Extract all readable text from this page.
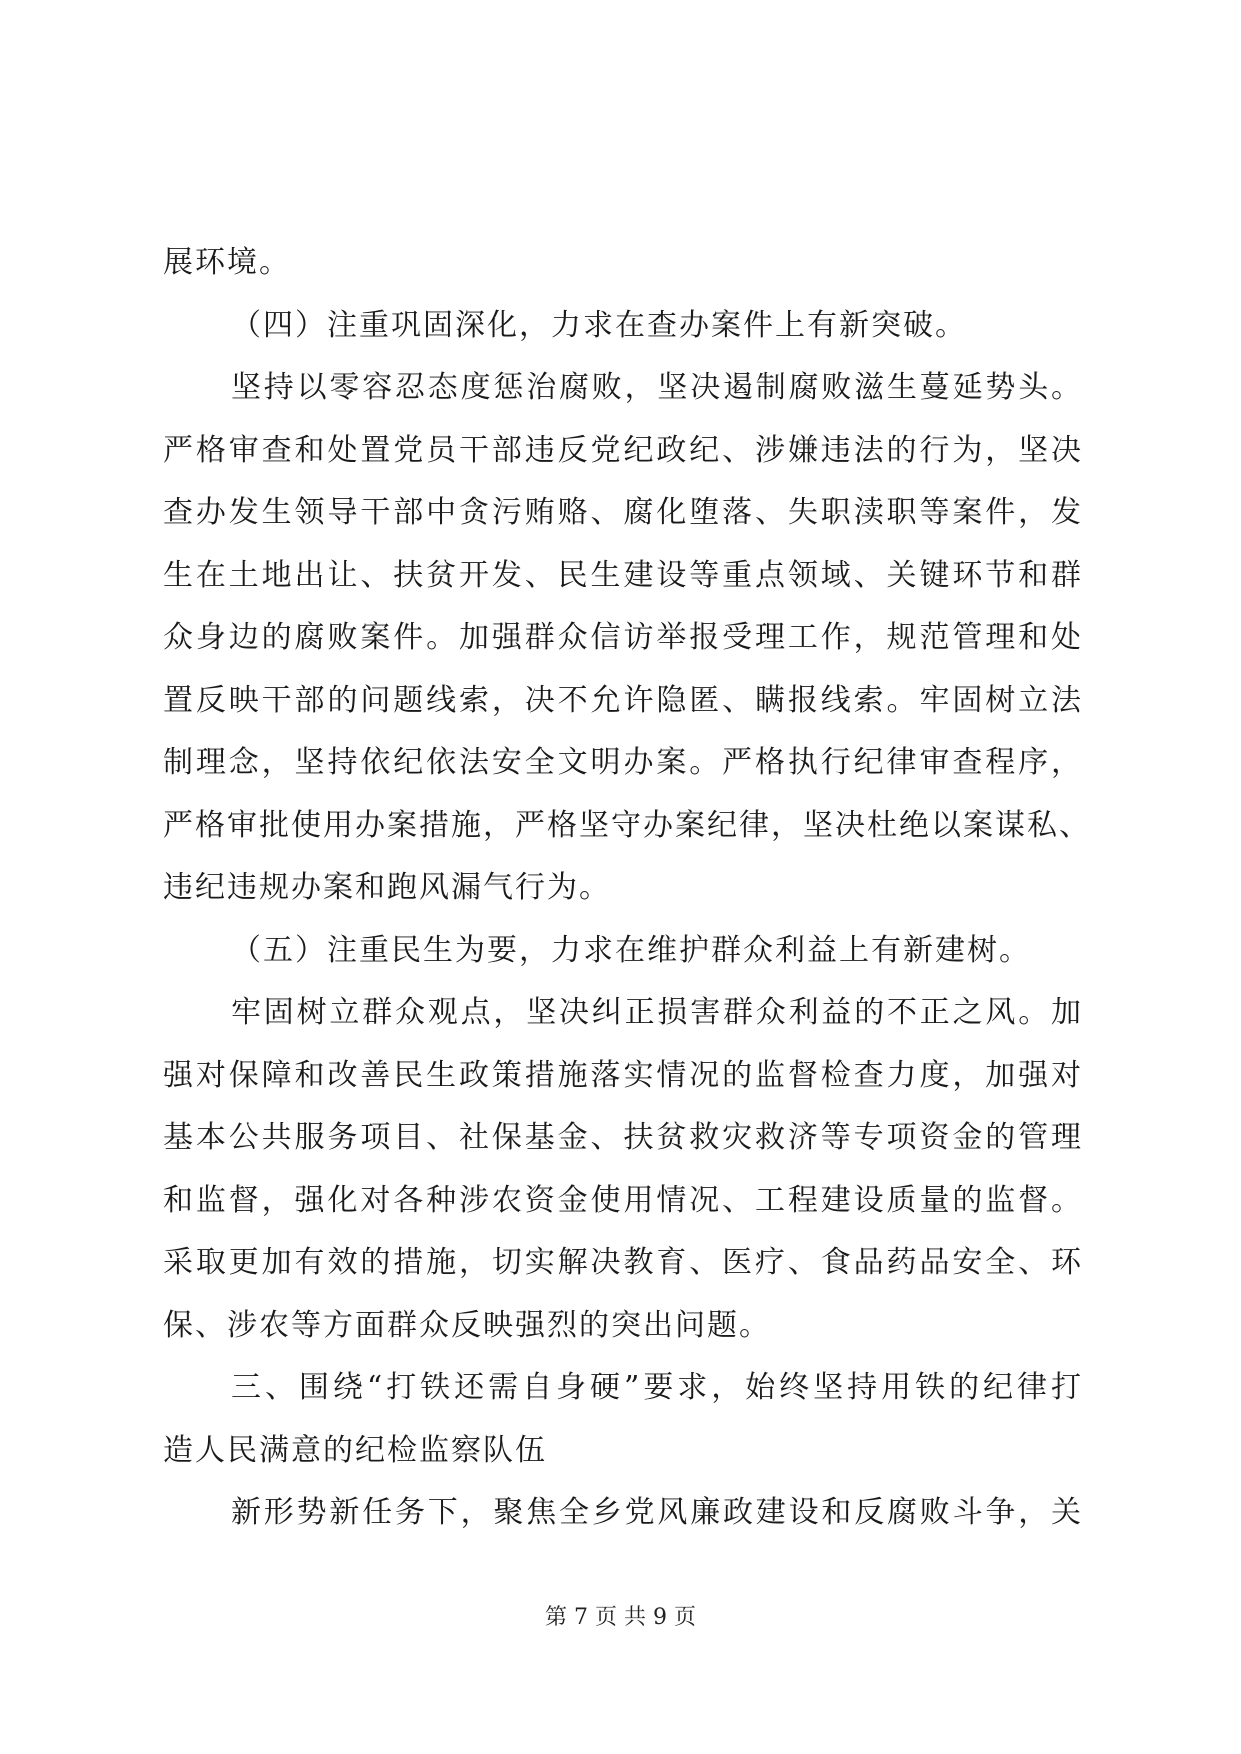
展环境。
（四）注重巩固深化，力求在查办案件上有新突破。
坚持以零容忍态度惩治腐败，坚决遏制腐败滋生蔓延势头。
严格审查和处置党员干部违反党纪政纪、涉嫌违法的行为，坚决
查办发生领导干部中贪污贿赂、腐化堕落、失职渎职等案件，发
生在土地出让、扶贫开发、民生建设等重点领域、关键环节和群
众身边的腐败案件。加强群众信访举报受理工作，规范管理和处
置反映干部的问题线索，决不允许隐匿、瞒报线索。牢固树立法
制理念，坚持依纪依法安全文明办案。严格执行纪律审查程序，
严格审批使用办案措施，严格坚守办案纪律，坚决杜绝以案谋私、
违纪违规办案和跑风漏气行为。
（五）注重民生为要，力求在维护群众利益上有新建树。
牢固树立群众观点，坚决纠正损害群众利益的不正之风。加
强对保障和改善民生政策措施落实情况的监督检查力度，加强对
基本公共服务项目、社保基金、扶贫救灾救济等专项资金的管理
和监督，强化对各种涉农资金使用情况、工程建设质量的监督。
采取更加有效的措施，切实解决教育、医疗、食品药品安全、环
保、涉农等方面群众反映强烈的突出问题。
三、围绕“打铁还需自身硬”要求，始终坚持用铁的纪律打
造人民满意的纪检监察队伍
新形势新任务下，聚焦全乡党风廉政建设和反腐败斗争，关
第 7 页 共 9 页
